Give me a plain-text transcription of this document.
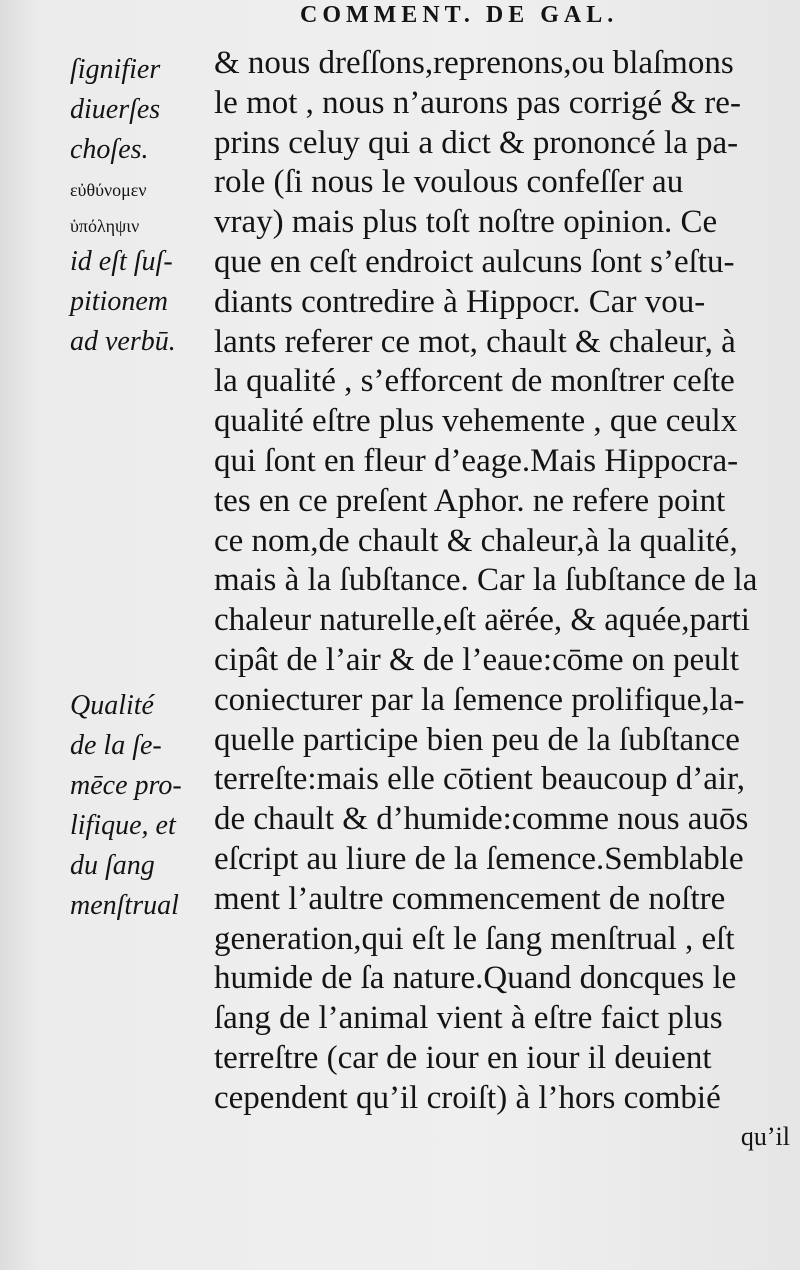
COMMENT. DE GAL.
ſignifier
diuerſes
choſes.
εὐθύνομεν
ὑπόληψιν
id eſt ſuſ-
pitionem
ad verbū.
Qualité
de la ſe-
mēce pro-
lifique, et
du ſang
menſtrual
& nous dreſſons,reprenons,ou blaſmons
le mot , nous n’aurons pas corrigé & re-
prins celuy qui a dict & prononcé la pa-
role (ſi nous le voulous confeſſer au
vray) mais plus toſt noſtre opinion. Ce
que en ceſt endroict aulcuns ſont s’eſtu-
diants contredire à Hippocr. Car vou-
lants referer ce mot, chault & chaleur, à
la qualité , s’efforcent de monſtrer ceſte
qualité eſtre plus vehemente , que ceulx
qui ſont en fleur d’eage.Mais Hippocra-
tes en ce preſent Aphor. ne refere point
ce nom,de chault & chaleur,à la qualité,
mais à la ſubſtance. Car la ſubſtance de la
chaleur naturelle,eſt aërée, & aquée,parti
cipât de l’air & de l’eaue:cōme on peult
coniecturer par la ſemence prolifique,la-
quelle participe bien peu de la ſubſtance
terreſte:mais elle cōtient beaucoup d’air,
de chault & d’humide:comme nous auōs
eſcript au liure de la ſemence.Semblable
ment l’aultre commencement de noſtre
generation,qui eſt le ſang menſtrual , eſt
humide de ſa nature.Quand doncques le
ſang de l’animal vient à eſtre faict plus
terreſtre (car de iour en iour il deuient
cependent qu’il croiſt) à l’hors combié
qu’il
